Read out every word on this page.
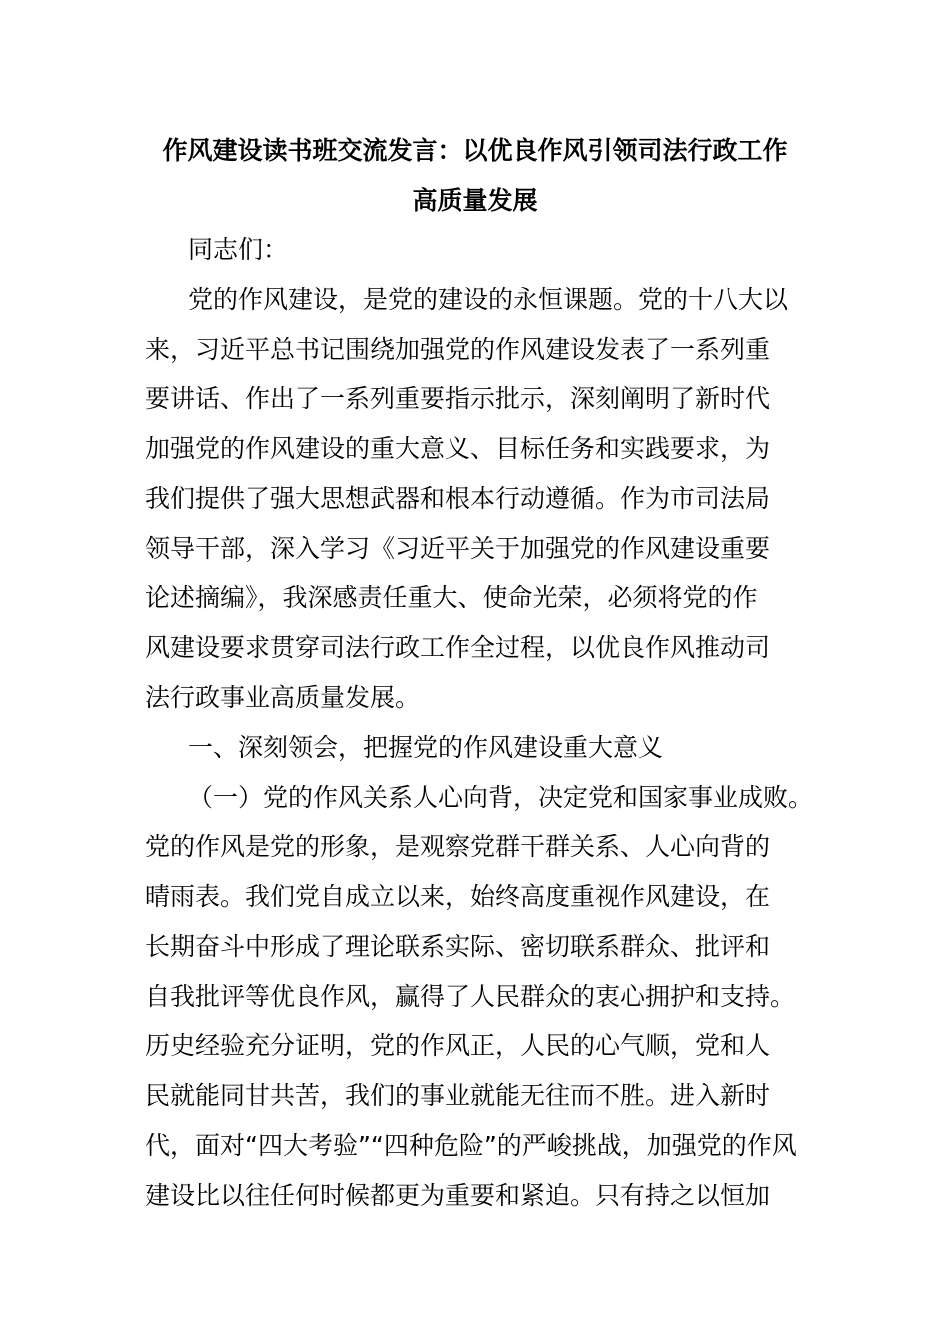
作风建设读书班交流发言：以优良作风引领司法行政工作
高质量发展
同志们：
党的作风建设，是党的建设的永恒课题。党的十八大以
来，习近平总书记围绕加强党的作风建设发表了一系列重
要讲话、作出了一系列重要指示批示，深刻阐明了新时代
加强党的作风建设的重大意义、目标任务和实践要求，为
我们提供了强大思想武器和根本行动遵循。作为市司法局
领导干部，深入学习《习近平关于加强党的作风建设重要
论述摘编》，我深感责任重大、使命光荣，必须将党的作
风建设要求贯穿司法行政工作全过程，以优良作风推动司
法行政事业高质量发展。
一、深刻领会，把握党的作风建设重大意义
（一）党的作风关系人心向背，决定党和国家事业成败。
党的作风是党的形象，是观察党群干群关系、人心向背的
晴雨表。我们党自成立以来，始终高度重视作风建设，在
长期奋斗中形成了理论联系实际、密切联系群众、批评和
自我批评等优良作风，赢得了人民群众的衷心拥护和支持。
历史经验充分证明，党的作风正，人民的心气顺，党和人
民就能同甘共苦，我们的事业就能无往而不胜。进入新时
代，面对“四大考验”“四种危险”的严峻挑战，加强党的作风
建设比以往任何时候都更为重要和紧迫。只有持之以恒加
